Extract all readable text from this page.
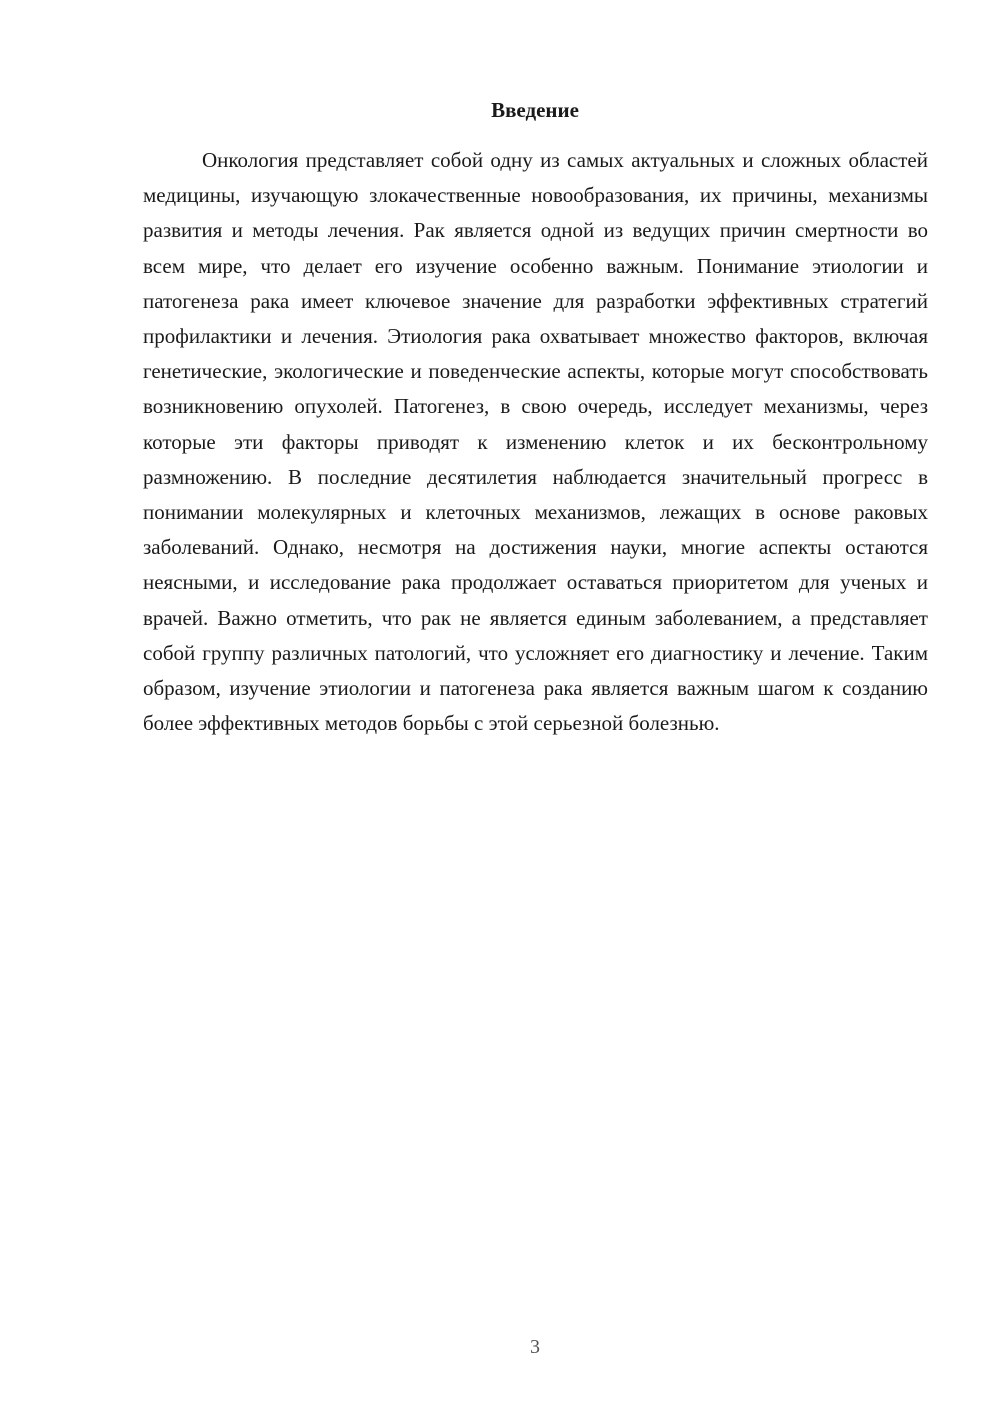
Введение

Онкология представляет собой одну из самых актуальных и сложных областей медицины, изучающую злокачественные новообразования, их причины, механизмы развития и методы лечения. Рак является одной из ведущих причин смертности во всем мире, что делает его изучение особенно важным. Понимание этиологии и патогенеза рака имеет ключевое значение для разработки эффективных стратегий профилактики и лечения. Этиология рака охватывает множество факторов, включая генетические, экологические и поведенческие аспекты, которые могут способствовать возникновению опухолей. Патогенез, в свою очередь, исследует механизмы, через которые эти факторы приводят к изменению клеток и их бесконтрольному размножению. В последние десятилетия наблюдается значительный прогресс в понимании молекулярных и клеточных механизмов, лежащих в основе раковых заболеваний. Однако, несмотря на достижения науки, многие аспекты остаются неясными, и исследование рака продолжает оставаться приоритетом для ученых и врачей. Важно отметить, что рак не является единым заболеванием, а представляет собой группу различных патологий, что усложняет его диагностику и лечение. Таким образом, изучение этиологии и патогенеза рака является важным шагом к созданию более эффективных методов борьбы с этой серьезной болезнью.

3
